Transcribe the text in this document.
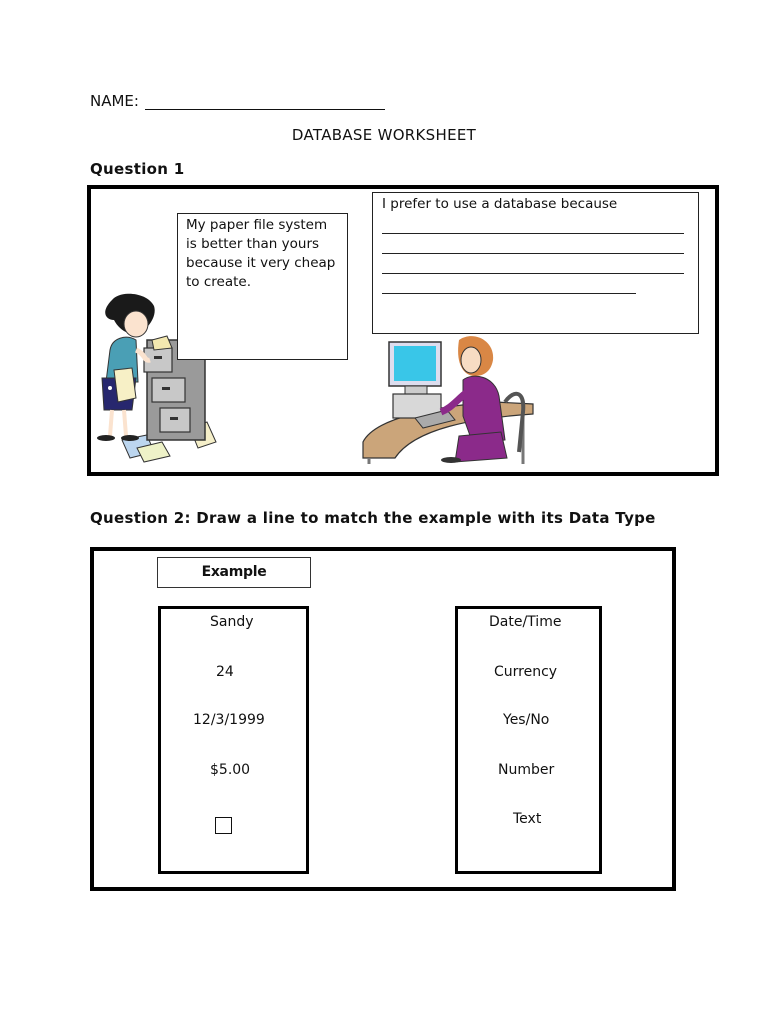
NAME:
DATABASE WORKSHEET
Question 1
My paper file system is better than yours because it very cheap to create.
I prefer to use a database because
Question 2: Draw a line to match the example with its Data Type
Example
Sandy
24
12/3/1999
$5.00
Date/Time
Currency
Yes/No
Number
Text
